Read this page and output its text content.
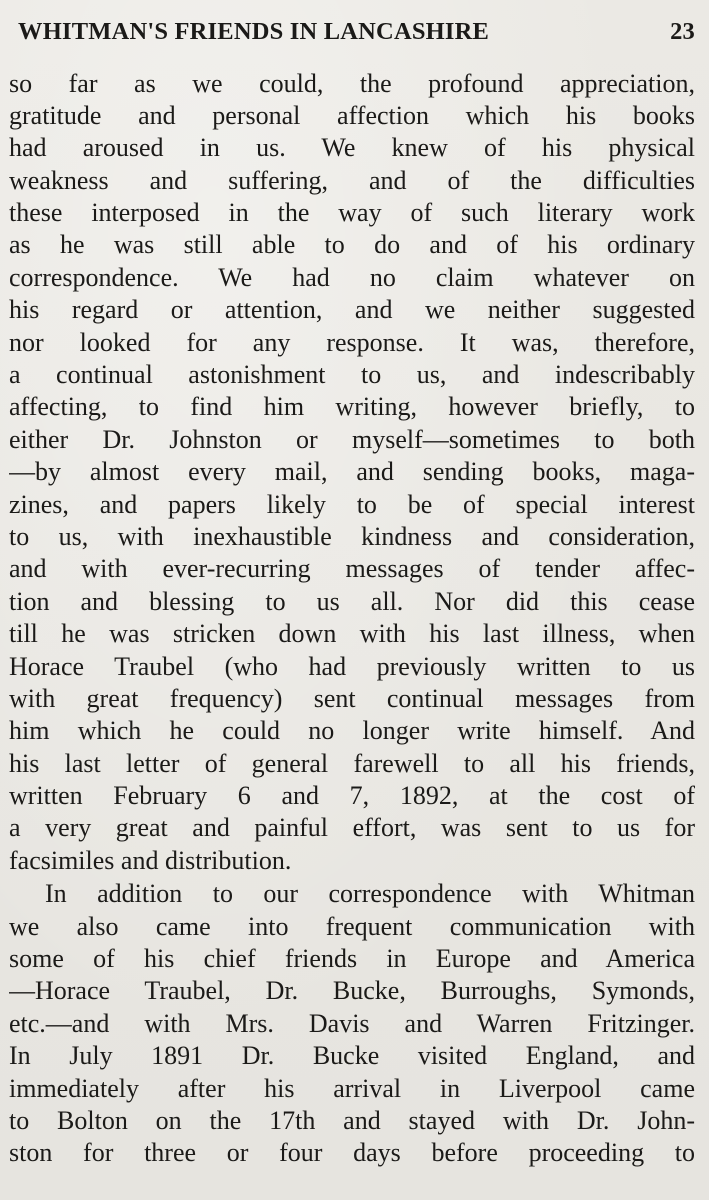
WHITMAN'S FRIENDS IN LANCASHIRE	23
so far as we could, the profound appreciation,
gratitude and personal affection which his books
had aroused in us. We knew of his physical
weakness and suffering, and of the difficulties
these interposed in the way of such literary work
as he was still able to do and of his ordinary
correspondence. We had no claim whatever on
his regard or attention, and we neither suggested
nor looked for any response. It was, therefore,
a continual astonishment to us, and indescribably
affecting, to find him writing, however briefly, to
either Dr. Johnston or myself—sometimes to both
—by almost every mail, and sending books, maga-
zines, and papers likely to be of special interest
to us, with inexhaustible kindness and consideration,
and with ever-recurring messages of tender affec-
tion and blessing to us all. Nor did this cease
till he was stricken down with his last illness, when
Horace Traubel (who had previously written to us
with great frequency) sent continual messages from
him which he could no longer write himself. And
his last letter of general farewell to all his friends,
written February 6 and 7, 1892, at the cost of
a very great and painful effort, was sent to us for
facsimiles and distribution.
In addition to our correspondence with Whitman
we also came into frequent communication with
some of his chief friends in Europe and America
—Horace Traubel, Dr. Bucke, Burroughs, Symonds,
etc.—and with Mrs. Davis and Warren Fritzinger.
In July 1891 Dr. Bucke visited England, and
immediately after his arrival in Liverpool came
to Bolton on the 17th and stayed with Dr. John-
ston for three or four days before proceeding to
